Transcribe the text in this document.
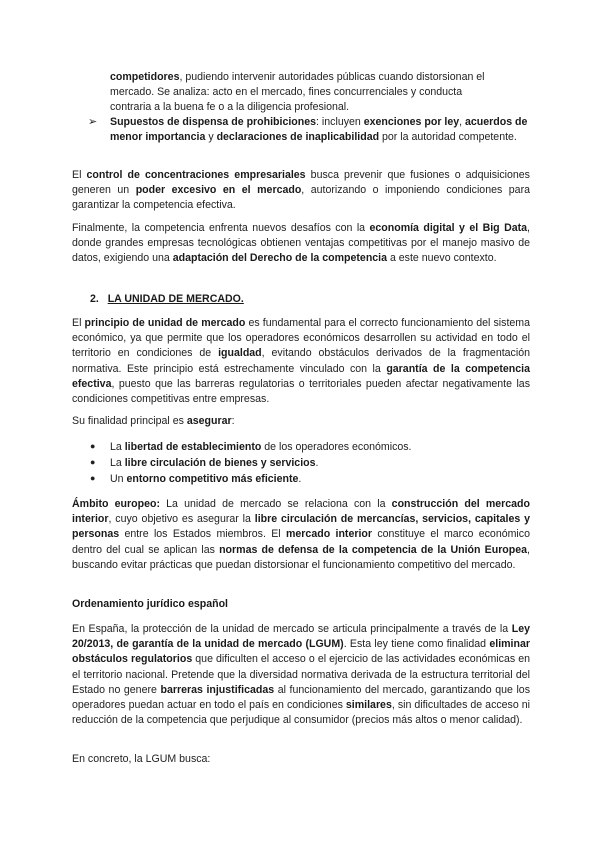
competidores, pudiendo intervenir autoridades públicas cuando distorsionan el
mercado. Se analiza: acto en el mercado, fines concurrenciales y conducta
contraria a la buena fe o a la diligencia profesional.
➢ Supuestos de dispensa de prohibiciones: incluyen exenciones por ley, acuerdos de menor importancia y declaraciones de inaplicabilidad por la autoridad competente.
El control de concentraciones empresariales busca prevenir que fusiones o adquisiciones generen un poder excesivo en el mercado, autorizando o imponiendo condiciones para garantizar la competencia efectiva.
Finalmente, la competencia enfrenta nuevos desafíos con la economía digital y el Big Data, donde grandes empresas tecnológicas obtienen ventajas competitivas por el manejo masivo de datos, exigiendo una adaptación del Derecho de la competencia a este nuevo contexto.
2. LA UNIDAD DE MERCADO.
El principio de unidad de mercado es fundamental para el correcto funcionamiento del sistema económico, ya que permite que los operadores económicos desarrollen su actividad en todo el territorio en condiciones de igualdad, evitando obstáculos derivados de la fragmentación normativa. Este principio está estrechamente vinculado con la garantía de la competencia efectiva, puesto que las barreras regulatorias o territoriales pueden afectar negativamente las condiciones competitivas entre empresas.
Su finalidad principal es asegurar:
● La libertad de establecimiento de los operadores económicos.
● La libre circulación de bienes y servicios.
● Un entorno competitivo más eficiente.
Ámbito europeo: La unidad de mercado se relaciona con la construcción del mercado interior, cuyo objetivo es asegurar la libre circulación de mercancías, servicios, capitales y personas entre los Estados miembros. El mercado interior constituye el marco económico dentro del cual se aplican las normas de defensa de la competencia de la Unión Europea, buscando evitar prácticas que puedan distorsionar el funcionamiento competitivo del mercado.
Ordenamiento jurídico español
En España, la protección de la unidad de mercado se articula principalmente a través de la Ley 20/2013, de garantía de la unidad de mercado (LGUM). Esta ley tiene como finalidad eliminar obstáculos regulatorios que dificulten el acceso o el ejercicio de las actividades económicas en el territorio nacional. Pretende que la diversidad normativa derivada de la estructura territorial del Estado no genere barreras injustificadas al funcionamiento del mercado, garantizando que los operadores puedan actuar en todo el país en condiciones similares, sin dificultades de acceso ni reducción de la competencia que perjudique al consumidor (precios más altos o menor calidad).
En concreto, la LGUM busca:
